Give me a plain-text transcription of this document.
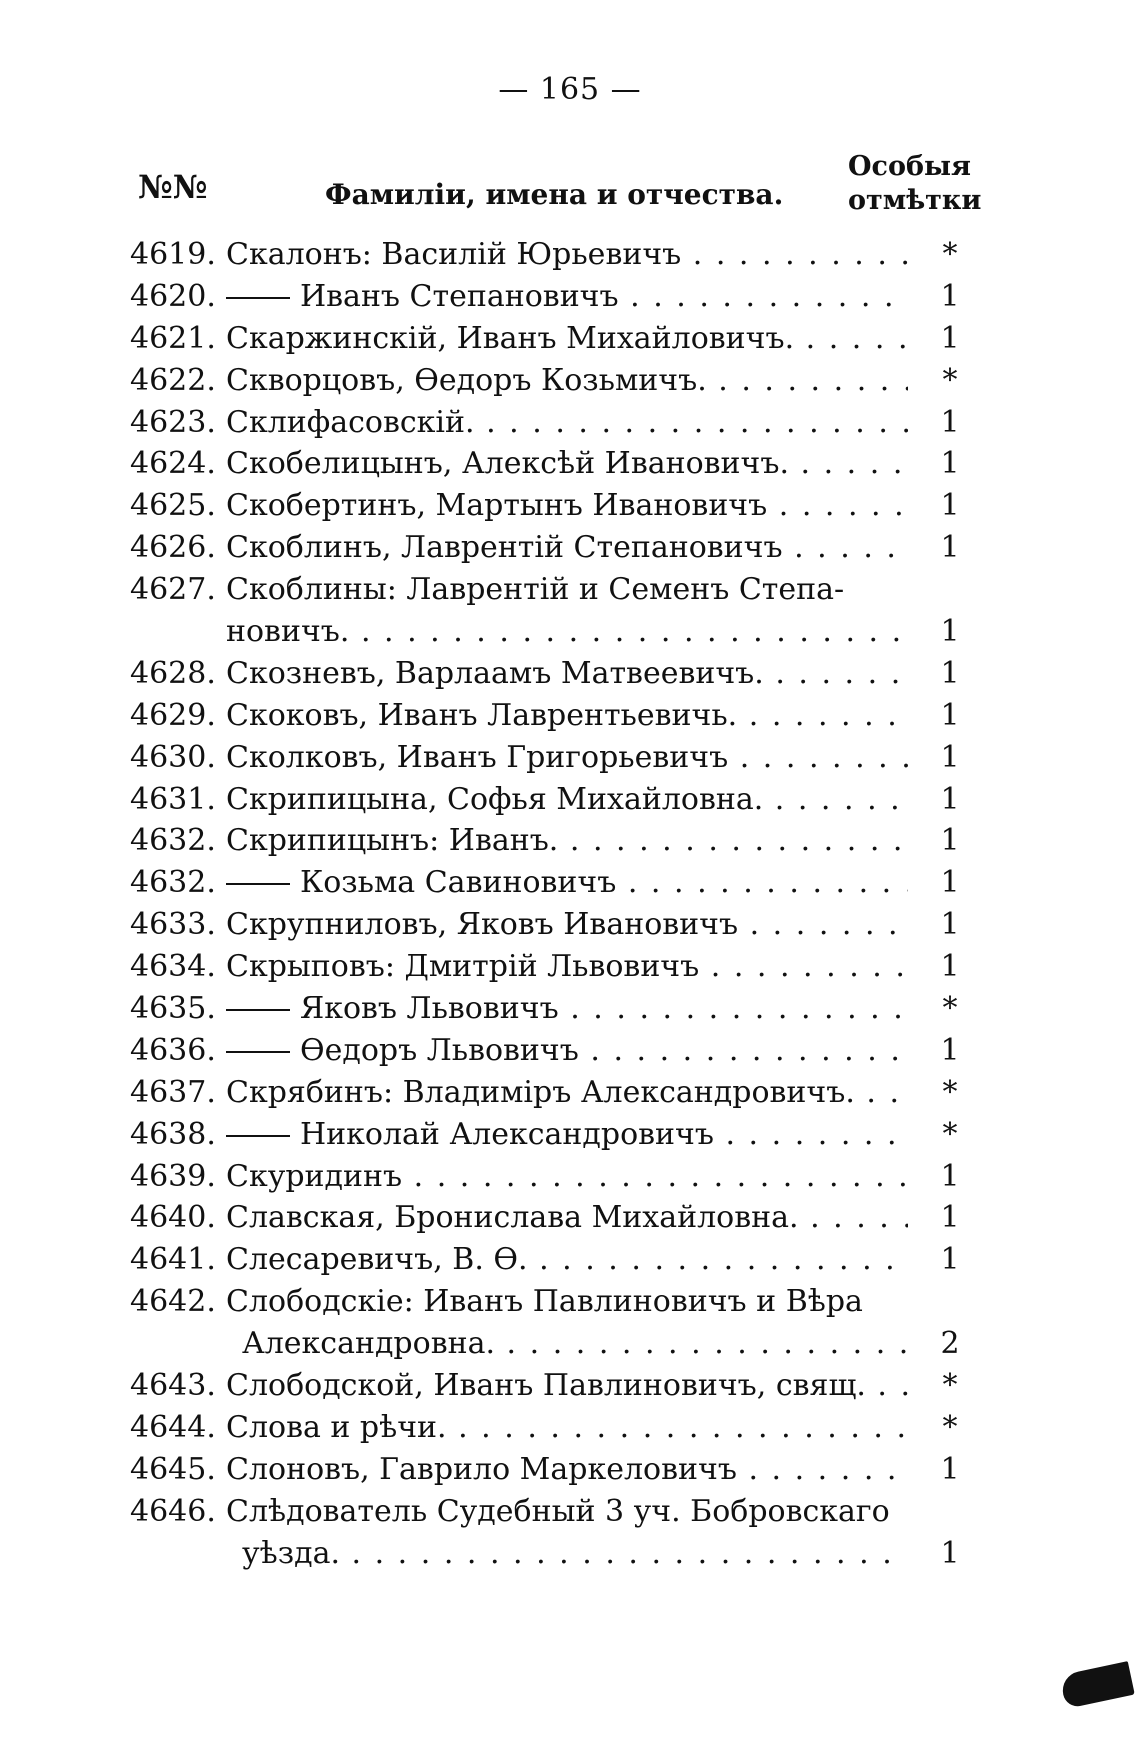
— 165 —
№№	Фамиліи, имена и отчества.
Особыя
отмѣтки
4619. Скалонъ: Василій Юрьевичъ . . .	*
4620.	Иванъ Степановичъ . . .	1
4621. Скаржинскій, Иванъ Михайловичъ. . . .	1
4622. Скворцовъ, Өедоръ Козьмичъ. . . .	*
4623. Склифасовскій. . . .	1
4624. Скобелицынъ, Алексѣй Ивановичъ. . . .	1
4625. Скобертинъ, Мартынъ Ивановичъ . . .	1
4626. Скоблинъ, Лаврентій Степановичъ . . .	1
4627. Скоблины: Лаврентій и Семенъ Степа-
новичъ. . . .	1
4628. Скозневъ, Варлаамъ Матвеевичъ. . . .	1
4629. Скоковъ, Иванъ Лаврентьевичь. . . .	1
4630. Сколковъ, Иванъ Григорьевичъ . . .	1
4631. Скрипицына, Софья Михайловна. . . .	1
4632. Скрипицынъ: Иванъ. . . .	1
4632.	Козьма Савиновичъ . . .	1
4633. Скрупниловъ, Яковъ Ивановичъ . . .	1
4634. Скрыповъ: Дмитрій Львовичъ . . .	1
4635.	Яковъ Львовичъ . . .	*
4636.	Өедоръ Львовичъ . . .	1
4637. Скрябинъ: Владиміръ Александровичъ. . . .	*
4638.	Николай Александровичъ . . .	*
4639. Скуридинъ . . .	1
4640. Славская, Бронислава Михайловна. . . .	1
4641. Слесаревичъ, В. Ө. . . .	1
4642. Слободскіе: Иванъ Павлиновичъ и Вѣра
Александровна. . . .	2
4643. Слободской, Иванъ Павлиновичъ, свящ. . . .	*
4644. Слова и рѣчи. . . .	*
4645. Слоновъ, Гаврило Маркеловичъ . . .	1
4646. Слѣдователь Судебный 3 уч. Бобровскаго
уѣзда. . . .	1
